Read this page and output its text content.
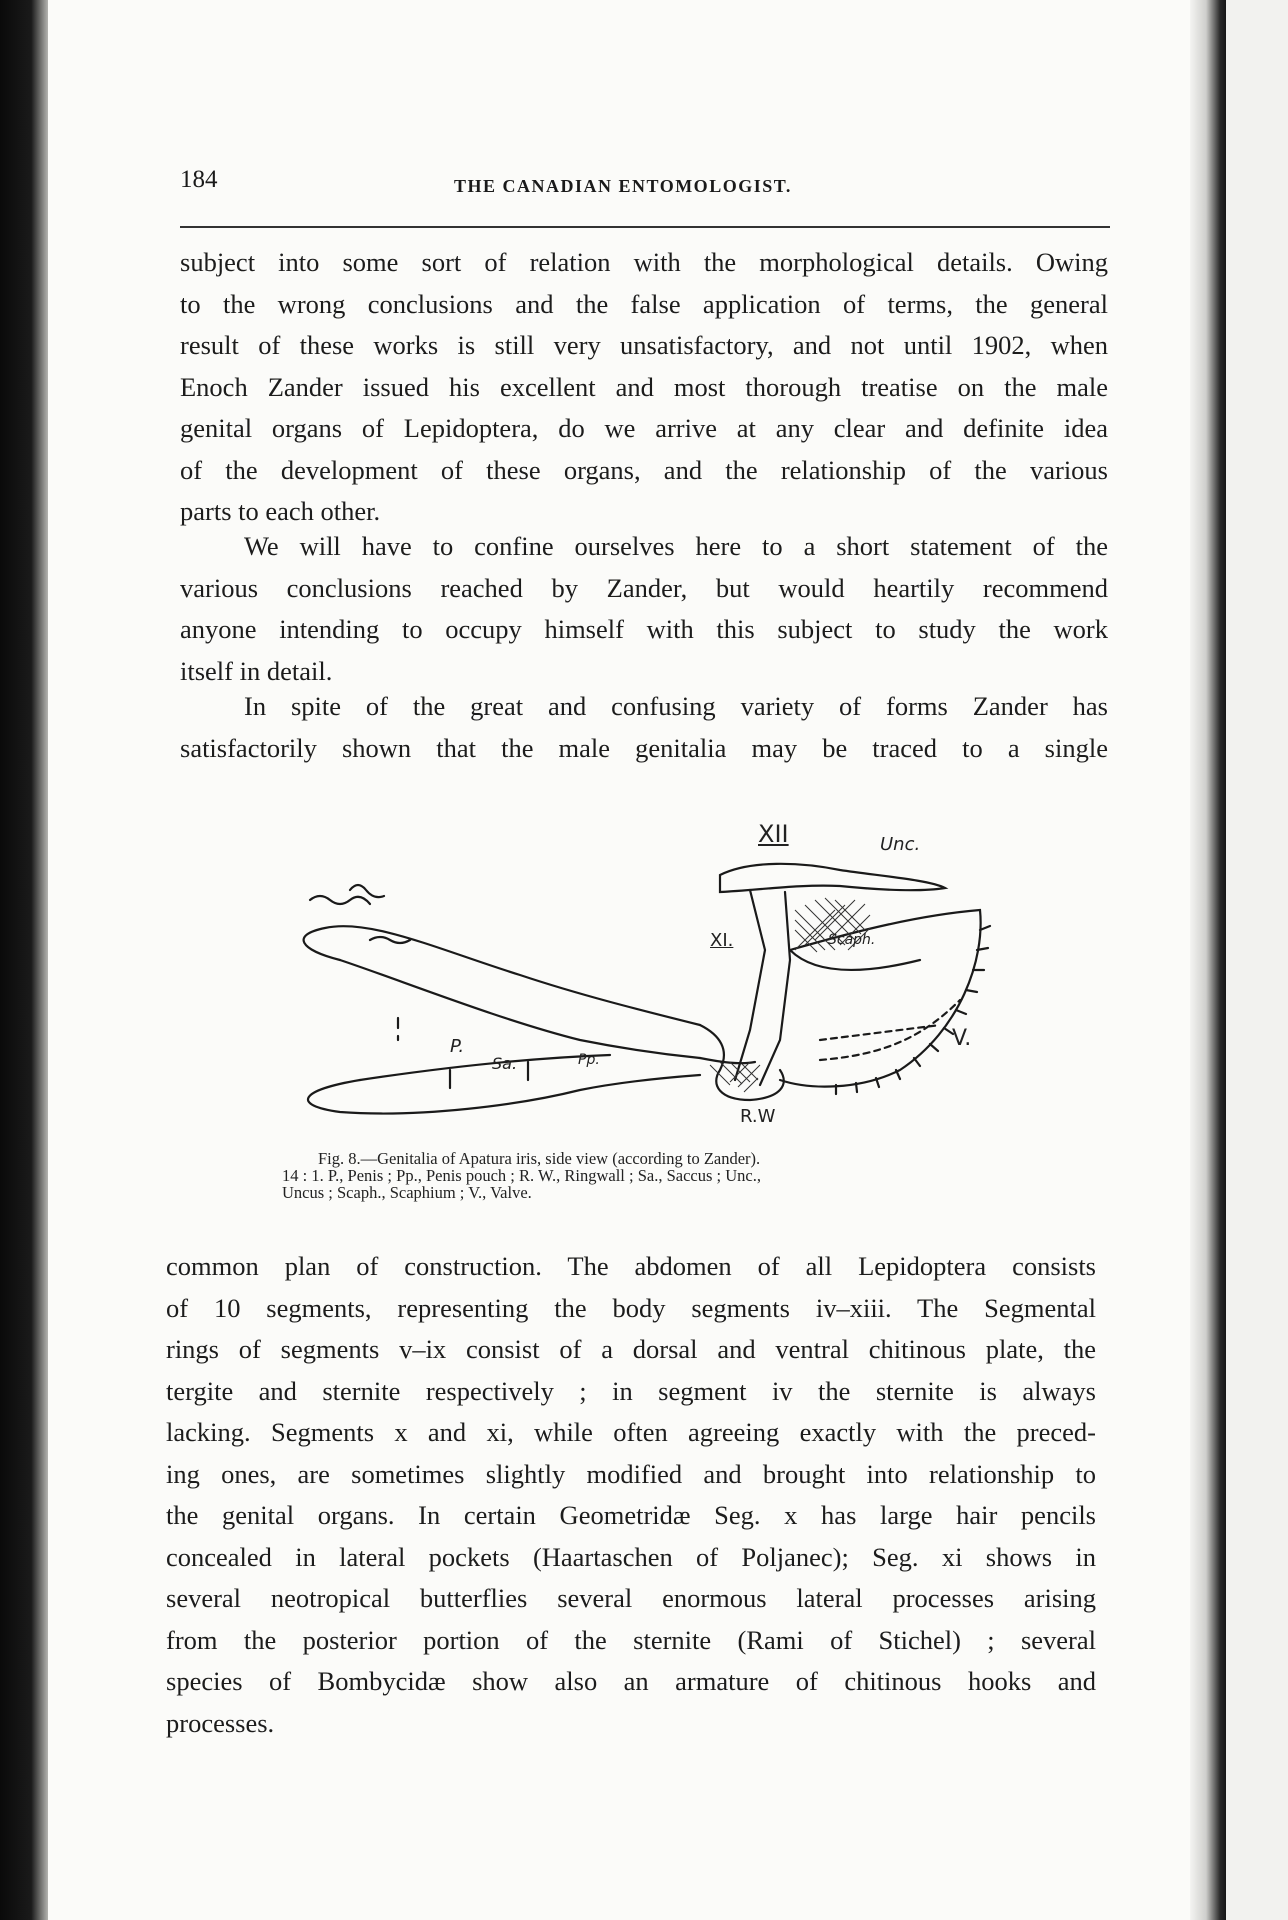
184	THE CANADIAN ENTOMOLOGIST.

subject into some sort of relation with the morphological details. Owing
to the wrong conclusions and the false application of terms, the general
result of these works is still very unsatisfactory, and not until 1902, when
Enoch Zander issued his excellent and most thorough treatise on the male
genital organs of Lepidoptera, do we arrive at any clear and definite idea
of the development of these organs, and the relationship of the various
parts to each other.

We will have to confine ourselves here to a short statement of the
various conclusions reached by Zander, but would heartily recommend
anyone intending to occupy himself with this subject to study the work
itself in detail.

In spite of the great and confusing variety of forms Zander has
satisfactorily shown that the male genitalia may be traced to a single

XII	Unc.
XI.	Scaph.
V.
P.
Sa.	Pp.
R.W
Fig. 8.—Genitalia of Apatura iris, side view (according to Zander).
14 : 1. P., Penis ; Pp., Penis pouch ; R. W., Ringwall ; Sa., Saccus ; Unc.,
Uncus ; Scaph., Scaphium ; V., Valve.

common plan of construction. The abdomen of all Lepidoptera consists
of 10 segments, representing the body segments iv–xiii. The Segmental
rings of segments v–ix consist of a dorsal and ventral chitinous plate, the
tergite and sternite respectively ; in segment iv the sternite is always
lacking. Segments x and xi, while often agreeing exactly with the preced-
ing ones, are sometimes slightly modified and brought into relationship to
the genital organs. In certain Geometridæ Seg. x has large hair pencils
concealed in lateral pockets (Haartaschen of Poljanec); Seg. xi shows in
several neotropical butterflies several enormous lateral processes arising
from the posterior portion of the sternite (Rami of Stichel) ; several
species of Bombycidæ show also an armature of chitinous hooks and
processes.
